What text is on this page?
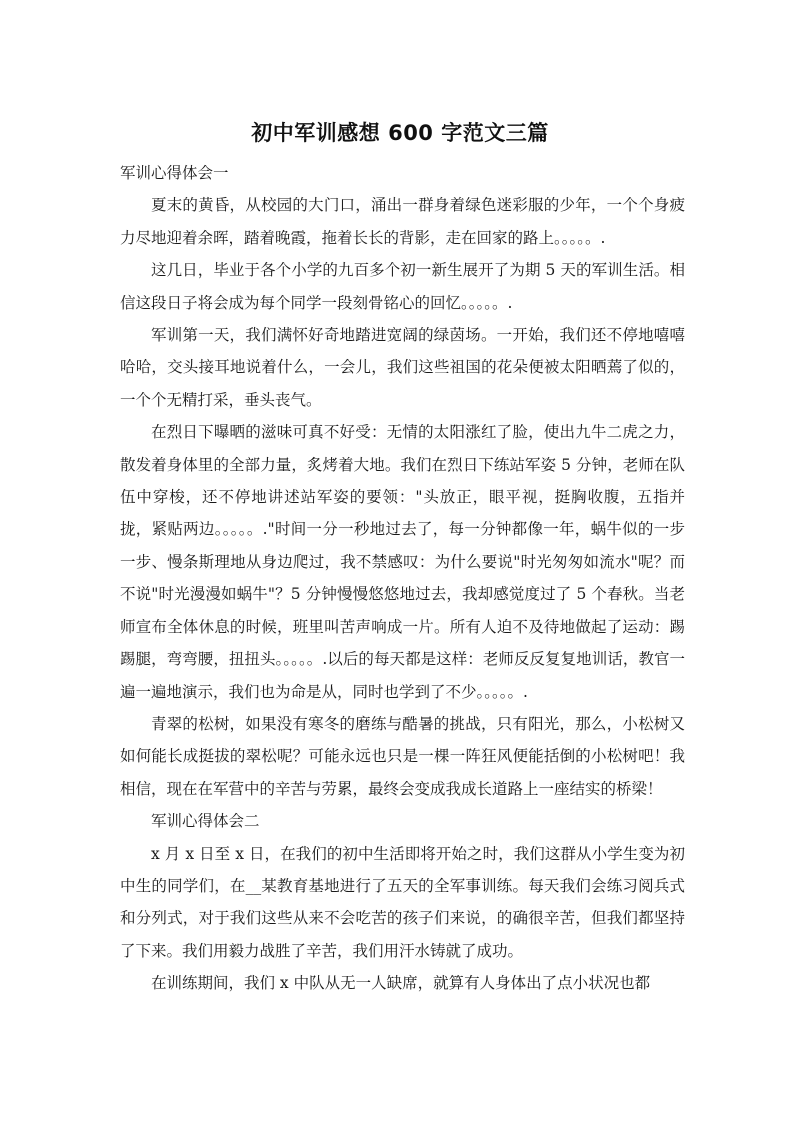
初中军训感想 600 字范文三篇

军训心得体会一

夏末的黄昏，从校园的大门口，涌出一群身着绿色迷彩服的少年，一个个身疲力尽地迎着余晖，踏着晚霞，拖着长长的背影，走在回家的路上。。。。。.

这几日，毕业于各个小学的九百多个初一新生展开了为期 5 天的军训生活。相信这段日子将会成为每个同学一段刻骨铭心的回忆。。。。。.

军训第一天，我们满怀好奇地踏进宽阔的绿茵场。一开始，我们还不停地嘻嘻哈哈，交头接耳地说着什么，一会儿，我们这些祖国的花朵便被太阳晒蔫了似的，一个个无精打采，垂头丧气。

在烈日下曝晒的滋味可真不好受：无情的太阳涨红了脸，使出九牛二虎之力，散发着身体里的全部力量，炙烤着大地。我们在烈日下练站军姿 5 分钟，老师在队伍中穿梭，还不停地讲述站军姿的要领："头放正，眼平视，挺胸收腹，五指并拢，紧贴两边。。。。。."时间一分一秒地过去了，每一分钟都像一年，蜗牛似的一步一步、慢条斯理地从身边爬过，我不禁感叹：为什么要说"时光匆匆如流水"呢？而不说"时光漫漫如蜗牛"？5 分钟慢慢悠悠地过去，我却感觉度过了 5 个春秋。当老师宣布全体休息的时候，班里叫苦声响成一片。所有人迫不及待地做起了运动：踢踢腿，弯弯腰，扭扭头。。。。。.以后的每天都是这样：老师反反复复地训话，教官一遍一遍地演示，我们也为命是从，同时也学到了不少。。。。。.

青翠的松树，如果没有寒冬的磨练与酷暑的挑战，只有阳光，那么，小松树又如何能长成挺拔的翠松呢？可能永远也只是一棵一阵狂风便能括倒的小松树吧！我相信，现在在军营中的辛苦与劳累，最终会变成我成长道路上一座结实的桥梁！

军训心得体会二

x 月 x 日至 x 日，在我们的初中生活即将开始之时，我们这群从小学生变为初中生的同学们，在__某教育基地进行了五天的全军事训练。每天我们会练习阅兵式和分列式，对于我们这些从来不会吃苦的孩子们来说，的确很辛苦，但我们都坚持了下来。我们用毅力战胜了辛苦，我们用汗水铸就了成功。

在训练期间，我们 x 中队从无一人缺席，就算有人身体出了点小状况也都
